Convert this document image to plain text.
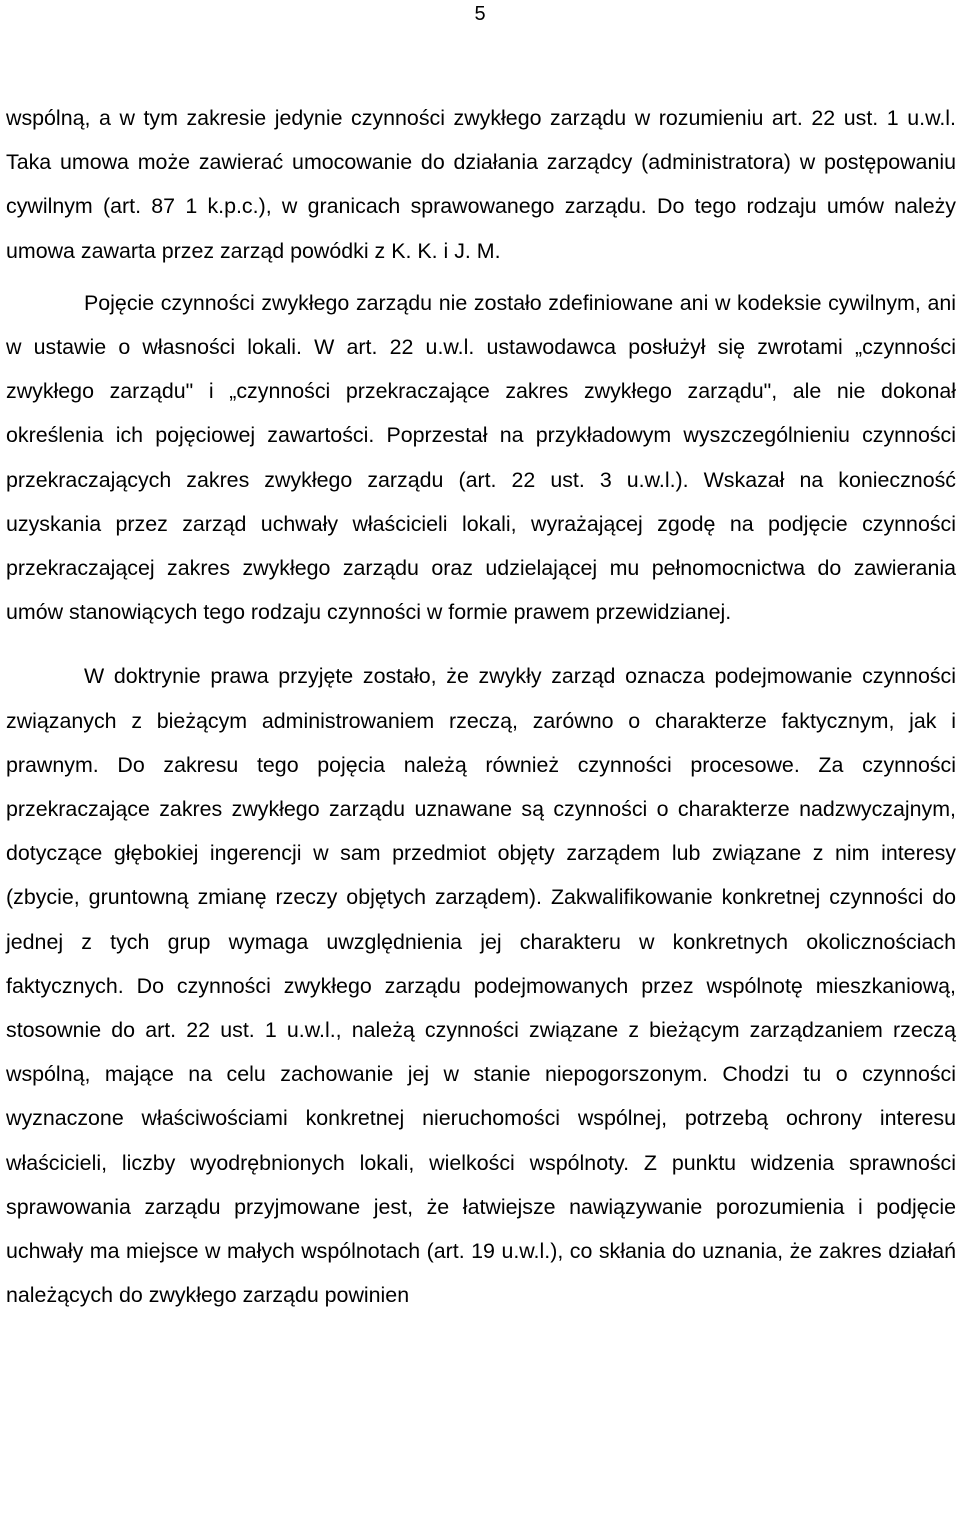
5

wspólną, a w tym zakresie jedynie czynności zwykłego zarządu w rozumieniu art. 22 ust. 1 u.w.l. Taka umowa może zawierać umocowanie do działania zarządcy (administratora) w postępowaniu cywilnym (art. 87 1 k.p.c.), w granicach sprawowanego zarządu. Do tego rodzaju umów należy umowa zawarta przez zarząd powódki z K. K. i J. M.

Pojęcie czynności zwykłego zarządu nie zostało zdefiniowane ani w kodeksie cywilnym, ani w ustawie o własności lokali. W art. 22 u.w.l. ustawodawca posłużył się zwrotami „czynności zwykłego zarządu" i „czynności przekraczające zakres zwykłego zarządu", ale nie dokonał określenia ich pojęciowej zawartości. Poprzestał na przykładowym wyszczególnieniu czynności przekraczających zakres zwykłego zarządu (art. 22 ust. 3 u.w.l.). Wskazał na konieczność uzyskania przez zarząd uchwały właścicieli lokali, wyrażającej zgodę na podjęcie czynności przekraczającej zakres zwykłego zarządu oraz udzielającej mu pełnomocnictwa do zawierania umów stanowiących tego rodzaju czynności w formie prawem przewidzianej.

W doktrynie prawa przyjęte zostało, że zwykły zarząd oznacza podejmowanie czynności związanych z bieżącym administrowaniem rzeczą, zarówno o charakterze faktycznym, jak i prawnym. Do zakresu tego pojęcia należą również czynności procesowe. Za czynności przekraczające zakres zwykłego zarządu uznawane są czynności o charakterze nadzwyczajnym, dotyczące głębokiej ingerencji w sam przedmiot objęty zarządem lub związane z nim interesy (zbycie, gruntowną zmianę rzeczy objętych zarządem). Zakwalifikowanie konkretnej czynności do jednej z tych grup wymaga uwzględnienia jej charakteru w konkretnych okolicznościach faktycznych. Do czynności zwykłego zarządu podejmowanych przez wspólnotę mieszkaniową, stosownie do art. 22 ust. 1 u.w.l., należą czynności związane z bieżącym zarządzaniem rzeczą wspólną, mające na celu zachowanie jej w stanie niepogorszonym. Chodzi tu o czynności wyznaczone właściwościami konkretnej nieruchomości wspólnej, potrzebą ochrony interesu właścicieli, liczby wyodrębnionych lokali, wielkości wspólnoty. Z punktu widzenia sprawności sprawowania zarządu przyjmowane jest, że łatwiejsze nawiązywanie porozumienia i podjęcie uchwały ma miejsce w małych wspólnotach (art. 19 u.w.l.), co skłania do uznania, że zakres działań należących do zwykłego zarządu powinien
